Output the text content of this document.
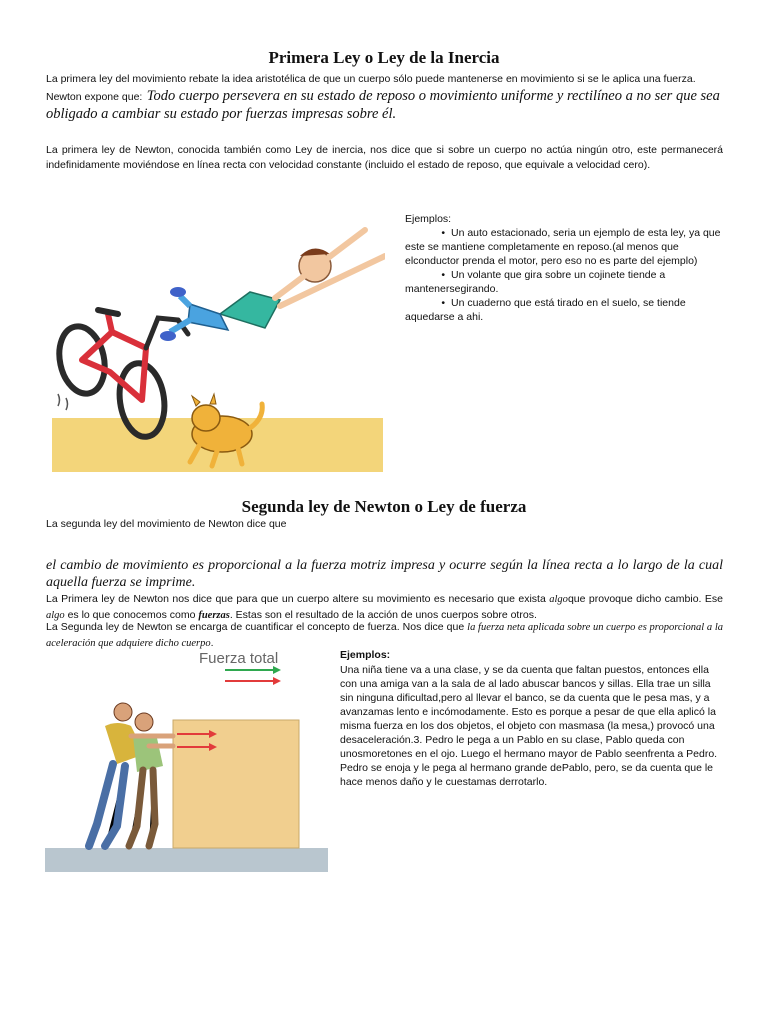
Primera Ley o Ley de la Inercia

La primera ley del movimiento rebate la idea aristotélica de que un cuerpo sólo puede mantenerse en movimiento si se le aplica una fuerza. Newton expone que: Todo cuerpo persevera en su estado de reposo o movimiento uniforme y rectilíneo a no ser que sea obligado a cambiar su estado por fuerzas impresas sobre él.

La primera ley de Newton, conocida también como Ley de inercia, nos dice que si sobre un cuerpo no actúa ningún otro, este permanecerá indefinidamente moviéndose en línea recta con velocidad constante (incluido el estado de reposo, que equivale a velocidad cero).

Ejemplos:
• Un auto estacionado, seria un ejemplo de esta ley, ya que este se mantiene completamente en reposo.(al menos que elconductor prenda el motor, pero eso no es parte del ejemplo)
• Un volante que gira sobre un cojinete tiende a mantenersegirando.
• Un cuaderno que está tirado en el suelo, se tiende aquedarse a ahi.
Segunda ley de Newton o Ley de fuerza

La segunda ley del movimiento de Newton dice que

el cambio de movimiento es proporcional a la fuerza motriz impresa y ocurre según la línea recta a lo largo de la cual aquella fuerza se imprime.

La Primera ley de Newton nos dice que para que un cuerpo altere su movimiento es necesario que exista algoque provoque dicho cambio. Ese algo es lo que conocemos como fuerzas. Estas son el resultado de la acción de unos cuerpos sobre otros.

La Segunda ley de Newton se encarga de cuantificar el concepto de fuerza. Nos dice que la fuerza neta aplicada sobre un cuerpo es proporcional a la aceleración que adquiere dicho cuerpo.

Fuerza total	Ejemplos:

Una niña tiene va a una clase, y se da cuenta que faltan puestos, entonces ella con una amiga van a la sala de al lado abuscar bancos y sillas. Ella trae un silla sin ninguna dificultad,pero al llevar el banco, se da cuenta que le pesa mas, y a avanzamas lento e incómodamente. Esto es porque a pesar de que ella aplicó la misma fuerza en los dos objetos, el objeto con masmasa (la mesa,) provocó una desaceleración.3. Pedro le pega a un Pablo en su clase, Pablo queda con unosmoretones en el ojo. Luego el hermano mayor de Pablo seenfrenta a Pedro. Pedro se enoja y le pega al hermano grande dePablo, pero, se da cuenta que le hace menos daño y le cuestamas derrotarlo.
